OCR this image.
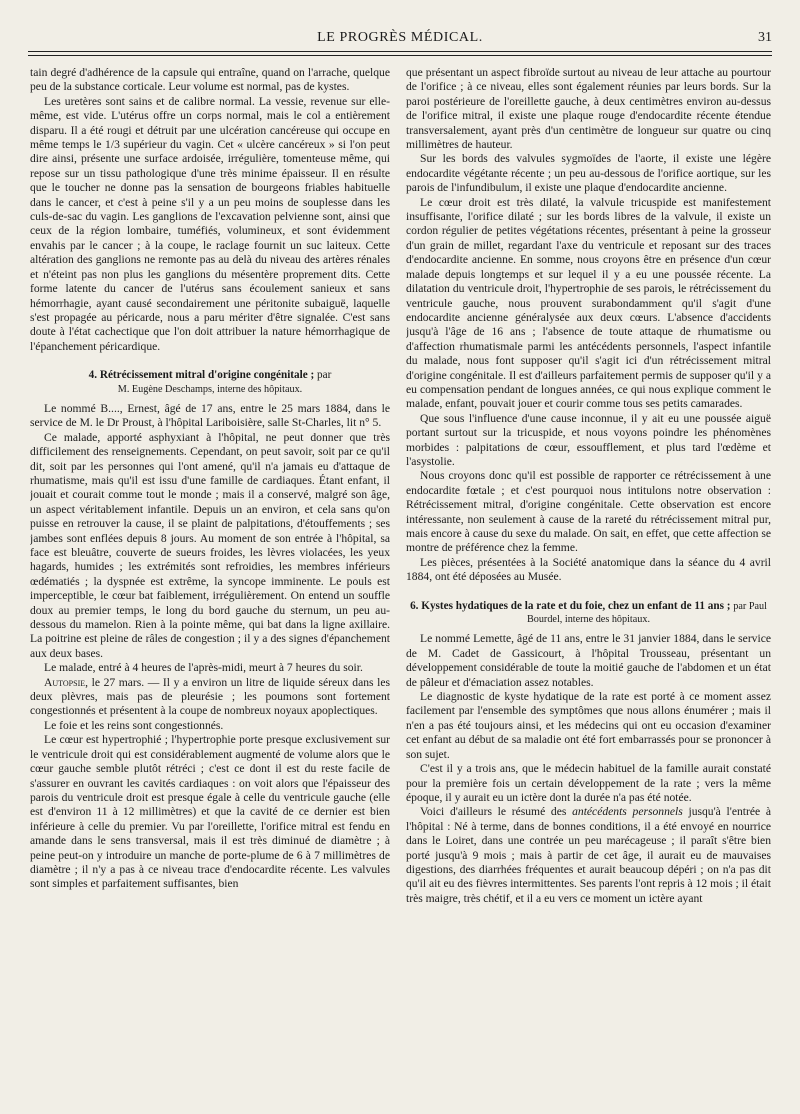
LE PROGRÈS MÉDICAL.	31

tain degré d'adhérence de la capsule qui entraîne, quand on l'arrache, quelque peu de la substance corticale. Leur volume est normal, pas de kystes.

Les uretères sont sains et de calibre normal. La vessie, revenue sur elle-même, est vide. L'utérus offre un corps normal, mais le col a entièrement disparu. Il a été rougi et détruit par une ulcération cancéreuse qui occupe en même temps le 1/3 supérieur du vagin. Cet « ulcère cancéreux » si l'on peut dire ainsi, présente une surface ardoisée, irrégulière, tomenteuse même, qui repose sur un tissu pathologique d'une très minime épaisseur. Il en résulte que le toucher ne donne pas la sensation de bourgeons friables habituelle dans le cancer, et c'est à peine s'il y a un peu moins de souplesse dans les culs-de-sac du vagin. Les ganglions de l'excavation pelvienne sont, ainsi que ceux de la région lombaire, tuméfiés, volumineux, et sont évidemment envahis par le cancer ; à la coupe, le raclage fournit un suc laiteux. Cette altération des ganglions ne remonte pas au delà du niveau des artères rénales et n'éteint pas non plus les ganglions du mésentère proprement dits. Cette forme latente du cancer de l'utérus sans écoulement sanieux et sans hémorrhagie, ayant causé secondairement une péritonite subaiguë, laquelle s'est propagée au péricarde, nous a paru mériter d'être signalée. C'est sans doute à l'état cachectique que l'on doit attribuer la nature hémorrhagique de l'épanchement péricardique.

4. Rétrécissement mitral d'origine congénitale ; par
M. Eugène Deschamps, interne des hôpitaux.

Le nommé B...., Ernest, âgé de 17 ans, entre le 25 mars 1884, dans le service de M. le Dr Proust, à l'hôpital Lariboisière, salle St-Charles, lit n° 5.

Ce malade, apporté asphyxiant à l'hôpital, ne peut donner que très difficilement des renseignements. Cependant, on peut savoir, soit par ce qu'il dit, soit par les personnes qui l'ont amené, qu'il n'a jamais eu d'attaque de rhumatisme, mais qu'il est issu d'une famille de cardiaques. Étant enfant, il jouait et courait comme tout le monde ; mais il a conservé, malgré son âge, un aspect véritablement infantile. Depuis un an environ, et cela sans qu'on puisse en retrouver la cause, il se plaint de palpitations, d'étouffements ; ses jambes sont enflées depuis 8 jours. Au moment de son entrée à l'hôpital, sa face est bleuâtre, couverte de sueurs froides, les lèvres violacées, les yeux hagards, humides ; les extrémités sont refroidies, les membres inférieurs œdématiés ; la dyspnée est extrême, la syncope imminente. Le pouls est imperceptible, le cœur bat faiblement, irrégulièrement. On entend un souffle doux au premier temps, le long du bord gauche du sternum, un peu au-dessous du mamelon. Rien à la pointe même, qui bat dans la ligne axillaire. La poitrine est pleine de râles de congestion ; il y a des signes d'épanchement aux deux bases.

Le malade, entré à 4 heures de l'après-midi, meurt à 7 heures du soir.

Autopsie, le 27 mars. — Il y a environ un litre de liquide séreux dans les deux plèvres, mais pas de pleurésie ; les poumons sont fortement congestionnés et présentent à la coupe de nombreux noyaux apoplectiques.

Le foie et les reins sont congestionnés.

Le cœur est hypertrophié ; l'hypertrophie porte presque exclusivement sur le ventricule droit qui est considérablement augmenté de volume alors que le cœur gauche semble plutôt rétréci ; c'est ce dont il est du reste facile de s'assurer en ouvrant les cavités cardiaques : on voit alors que l'épaisseur des parois du ventricule droit est presque égale à celle du ventricule gauche (elle est d'environ 11 à 12 millimètres) et que la cavité de ce dernier est bien inférieure à celle du premier. Vu par l'oreillette, l'orifice mitral est fendu en amande dans le sens transversal, mais il est très diminué de diamètre ; à peine peut-on y introduire un manche de porte-plume de 6 à 7 millimètres de diamètre ; il n'y a pas à ce niveau trace d'endocardite récente. Les valvules sont simples et parfaitement suffisantes, bien

que présentant un aspect fibroïde surtout au niveau de leur attache au pourtour de l'orifice ; à ce niveau, elles sont également réunies par leurs bords. Sur la paroi postérieure de l'oreillette gauche, à deux centimètres environ au-dessus de l'orifice mitral, il existe une plaque rouge d'endocardite récente étendue transversalement, ayant près d'un centimètre de longueur sur quatre ou cinq millimètres de hauteur.

Sur les bords des valvules sygmoïdes de l'aorte, il existe une légère endocardite végétante récente ; un peu au-dessous de l'orifice aortique, sur les parois de l'infundibulum, il existe une plaque d'endocardite ancienne.

Le cœur droit est très dilaté, la valvule tricuspide est manifestement insuffisante, l'orifice dilaté ; sur les bords libres de la valvule, il existe un cordon régulier de petites végétations récentes, présentant à peine la grosseur d'un grain de millet, regardant l'axe du ventricule et reposant sur des traces d'endocardite ancienne. En somme, nous croyons être en présence d'un cœur malade depuis longtemps et sur lequel il y a eu une poussée récente. La dilatation du ventricule droit, l'hypertrophie de ses parois, le rétrécissement du ventricule gauche, nous prouvent surabondamment qu'il s'agit d'une endocardite ancienne généralysée aux deux cœurs. L'absence d'accidents jusqu'à l'âge de 16 ans ; l'absence de toute attaque de rhumatisme ou d'affection rhumatismale parmi les antécédents personnels, l'aspect infantile du malade, nous font supposer qu'il s'agit ici d'un rétrécissement mitral d'origine congénitale. Il est d'ailleurs parfaitement permis de supposer qu'il y a eu compensation pendant de longues années, ce qui nous explique comment le malade, enfant, pouvait jouer et courir comme tous ses petits camarades.

Que sous l'influence d'une cause inconnue, il y ait eu une poussée aiguë portant surtout sur la tricuspide, et nous voyons poindre les phénomènes morbides : palpitations de cœur, essoufflement, et plus tard l'œdème et l'asystolie.

Nous croyons donc qu'il est possible de rapporter ce rétrécissement à une endocardite fœtale ; et c'est pourquoi nous intitulons notre observation : Rétrécissement mitral, d'origine congénitale. Cette observation est encore intéressante, non seulement à cause de la rareté du rétrécissement mitral pur, mais encore à cause du sexe du malade. On sait, en effet, que cette affection se montre de préférence chez la femme.

Les pièces, présentées à la Société anatomique dans la séance du 4 avril 1884, ont été déposées au Musée.

6. Kystes hydatiques de la rate et du foie, chez un enfant de 11 ans ; par Paul Bourdel, interne des hôpitaux.

Le nommé Lemette, âgé de 11 ans, entre le 31 janvier 1884, dans le service de M. Cadet de Gassicourt, à l'hôpital Trousseau, présentant un développement considérable de toute la moitié gauche de l'abdomen et un état de pâleur et d'émaciation assez notables.

Le diagnostic de kyste hydatique de la rate est porté à ce moment assez facilement par l'ensemble des symptômes que nous allons énumérer ; mais il n'en a pas été toujours ainsi, et les médecins qui ont eu occasion d'examiner cet enfant au début de sa maladie ont été fort embarrassés pour se prononcer à son sujet.

C'est il y a trois ans, que le médecin habituel de la famille aurait constaté pour la première fois un certain développement de la rate ; vers la même époque, il y aurait eu un ictère dont la durée n'a pas été notée.

Voici d'ailleurs le résumé des antécédents personnels jusqu'à l'entrée à l'hôpital : Né à terme, dans de bonnes conditions, il a été envoyé en nourrice dans le Loiret, dans une contrée un peu marécageuse ; il paraît s'être bien porté jusqu'à 9 mois ; mais à partir de cet âge, il aurait eu de mauvaises digestions, des diarrhées fréquentes et aurait beaucoup dépéri ; on n'a pas dit qu'il ait eu des fièvres intermittentes. Ses parents l'ont repris à 12 mois ; il était très maigre, très chétif, et il a eu vers ce moment un ictère ayant
